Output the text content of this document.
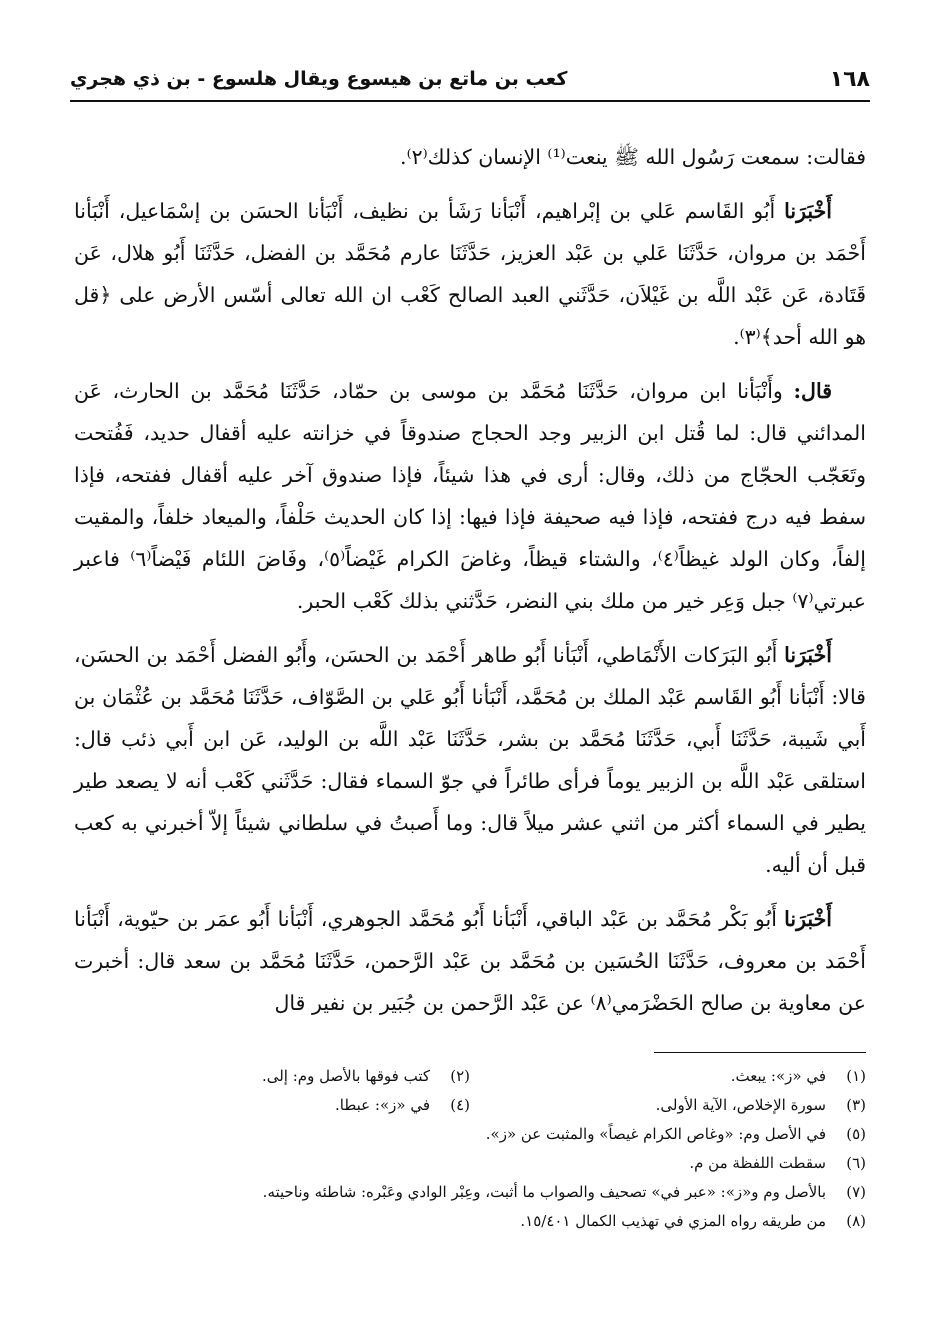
١٦٨
كعب بن ماتع بن هيسوع ويقال هلسوع - بن ذي هجري

فقالت: سمعت رَسُول الله ﷺ ينعت⁽¹⁾ الإنسان كذلك⁽٢⁾.

أَخْبَرَنا أَبُو القَاسم عَلي بن إبْراهيم، أَنْبَأنا رَشَأ بن نظيف، أَنْبَأنا الحسَن بن إسْمَاعيل، أَنْبَأنا أَحْمَد بن مروان، حَدَّثَنَا عَلي بن عَبْد العزيز، حَدَّثَنَا عارم مُحَمَّد بن الفضل، حَدَّثَنَا أَبُو هلال، عَن قَتَادة، عَن عَبْد اللَّه بن غَيْلاَن، حَدَّثَني العبد الصالح كَعْب ان الله تعالى أسّس الأرض على ﴿قل هو الله أحد﴾⁽٣⁾.

قال: وأَنْبَأنا ابن مروان، حَدَّثَنَا مُحَمَّد بن موسى بن حمّاد، حَدَّثَنَا مُحَمَّد بن الحارث، عَن المدائني قال: لما قُتل ابن الزبير وجد الحجاج صندوقاً في خزانته عليه أقفال حديد، فَفُتحت وتَعَجّب الحجّاج من ذلك، وقال: أرى في هذا شيئاً، فإذا صندوق آخر عليه أقفال ففتحه، فإذا سفط فيه درج ففتحه، فإذا فيه صحيفة فإذا فيها: إذا كان الحديث حَلْفاً، والميعاد خلفاً، والمقيت إلفاً، وكان الولد غيظاً⁽٤⁾، والشتاء قيظاً، وغاضَ الكرام غَيْضاً⁽٥⁾، وفَاضَ اللئام فَيْضاً⁽٦⁾ فاعبر عبرتي⁽٧⁾ جبل وَعِر خير من ملك بني النضر، حَدَّثني بذلك كَعْب الحبر.

أَخْبَرَنا أَبُو البَرَكات الأَنْمَاطي، أَنْبَأنا أَبُو طاهر أَحْمَد بن الحسَن، وأَبُو الفضل أَحْمَد بن الحسَن، قالا: أَنْبَأنا أَبُو القَاسم عَبْد الملك بن مُحَمَّد، أَنْبَأنا أَبُو عَلي بن الصَّوّاف، حَدَّثَنَا مُحَمَّد بن عُثْمَان بن أَبي شَيبة، حَدَّثَنَا أَبي، حَدَّثَنَا مُحَمَّد بن بشر، حَدَّثَنَا عَبْد اللَّه بن الوليد، عَن ابن أَبي ذئب قال: استلقى عَبْد اللَّه بن الزبير يوماً فرأى طائراً في جوّ السماء فقال: حَدَّثَني كَعْب أنه لا يصعد طير يطير في السماء أكثر من اثني عشر ميلاً قال: وما أَصبتُ في سلطاني شيئاً إلاّ أخبرني به كعب قبل أن أليه.

أَخْبَرَنا أَبُو بَكْر مُحَمَّد بن عَبْد الباقي، أَنْبَأنا أَبُو مُحَمَّد الجوهري، أَنْبَأنا أَبُو عمَر بن حيّوية، أَنْبَأنا أَحْمَد بن معروف، حَدَّثَنَا الحُسَين بن مُحَمَّد بن عَبْد الرَّحمن، حَدَّثَنَا مُحَمَّد بن سعد قال: أخبرت عن معاوية بن صالح الحَضْرَمي⁽٨⁾ عن عَبْد الرَّحمن بن جُبَير بن نفير قال

(١)في «ز»: يبعث.
(٢)كتب فوقها بالأصل وم: إلى.
(٣)سورة الإخلاص، الآية الأولى.
(٤)في «ز»: عبطا.
(٥)في الأصل وم: «وغاص الكرام غيصاً» والمثبت عن «ز».
(٦)سقطت اللفظة من م.
(٧)بالأصل وم و«ز»: «عبر في» تصحيف والصواب ما أثبت، وعِبْر الوادي وعَبْره: شاطئه وناحيته.
(٨)من طريقه رواه المزي في تهذيب الكمال ١٥/٤٠١.
